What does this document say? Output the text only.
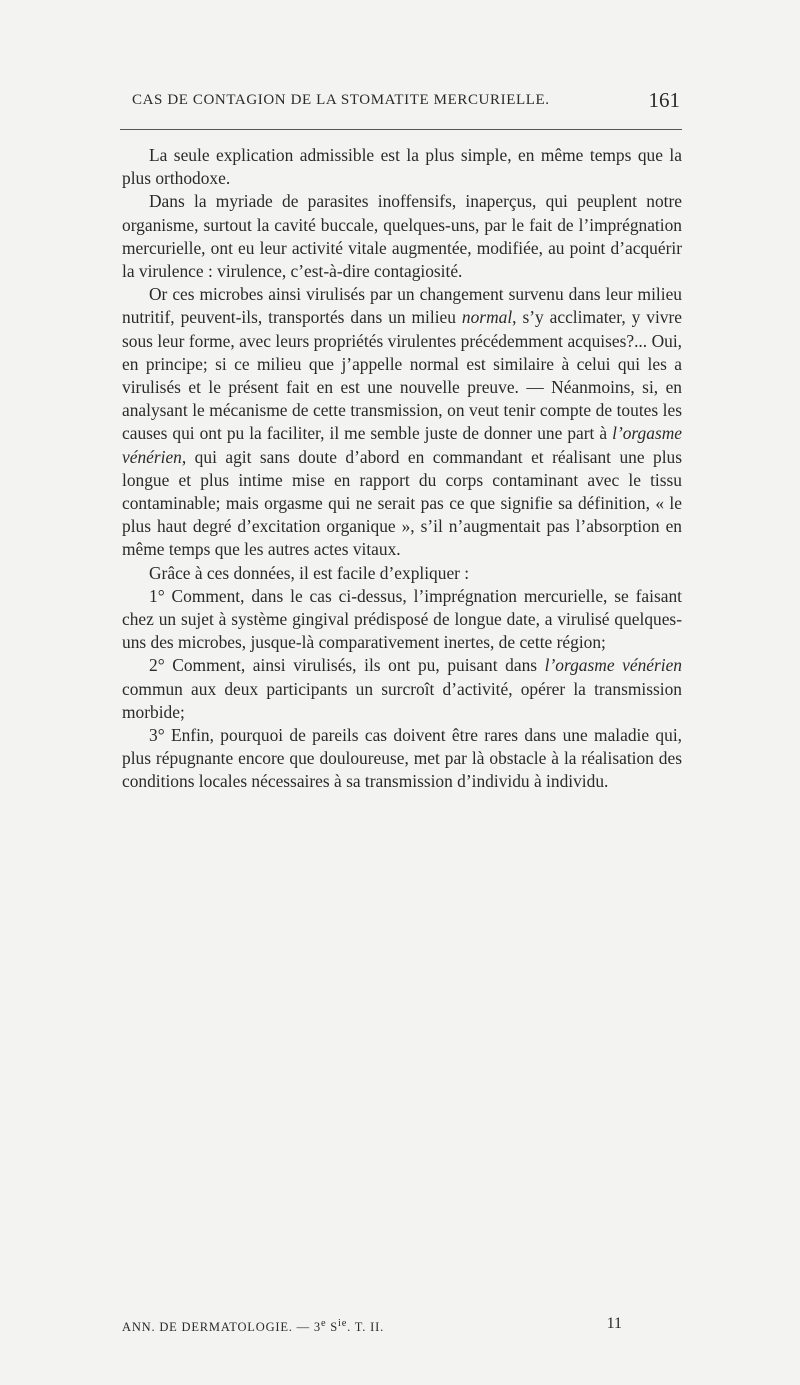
CAS DE CONTAGION DE LA STOMATITE MERCURIELLE.	161

La seule explication admissible est la plus simple, en même temps que la plus orthodoxe.

Dans la myriade de parasites inoffensifs, inaperçus, qui peuplent notre organisme, surtout la cavité buccale, quelques-uns, par le fait de l’imprégnation mercurielle, ont eu leur activité vitale augmentée, modifiée, au point d’acquérir la virulence : virulence, c’est-à-dire contagiosité.

Or ces microbes ainsi virulisés par un changement survenu dans leur milieu nutritif, peuvent-ils, transportés dans un milieu normal, s’y acclimater, y vivre sous leur forme, avec leurs propriétés virulentes précédemment acquises?... Oui, en principe; si ce milieu que j’appelle normal est similaire à celui qui les a virulisés et le présent fait en est une nouvelle preuve. — Néanmoins, si, en analysant le mécanisme de cette transmission, on veut tenir compte de toutes les causes qui ont pu la faciliter, il me semble juste de donner une part à l’orgasme vénérien, qui agit sans doute d’abord en commandant et réalisant une plus longue et plus intime mise en rapport du corps contaminant avec le tissu contaminable; mais orgasme qui ne serait pas ce que signifie sa définition, « le plus haut degré d’excitation organique », s’il n’augmentait pas l’absorption en même temps que les autres actes vitaux.

Grâce à ces données, il est facile d’expliquer :

1° Comment, dans le cas ci-dessus, l’imprégnation mercurielle, se faisant chez un sujet à système gingival prédisposé de longue date, a virulisé quelques-uns des microbes, jusque-là comparativement inertes, de cette région;

2° Comment, ainsi virulisés, ils ont pu, puisant dans l’orgasme vénérien commun aux deux participants un surcroît d’activité, opérer la transmission morbide;

3° Enfin, pourquoi de pareils cas doivent être rares dans une maladie qui, plus répugnante encore que douloureuse, met par là obstacle à la réalisation des conditions locales nécessaires à sa transmission d’individu à individu.

ANN. DE DERMATOLOGIE. — 3e $S^{ie}$. T. II.	11
